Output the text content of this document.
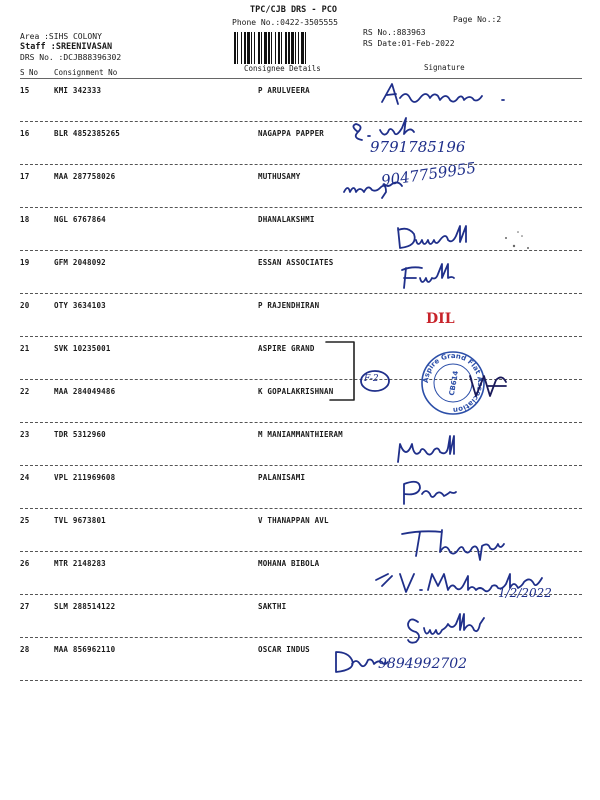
TPC/CJB DRS - PCO
Phone No.:0422-3505555	Page No.:2
Area :SIHS COLONY
Staff :SREENIVASAN
DRS No. :DCJB88396302
RS No.:883963
RS Date:01-Feb-2022
S No Consignment No	Consignee Details	Signature
15	KMI 342333	P ARULVEERA
16	BLR 4852385265	NAGAPPA PAPPER
17	MAA 287758026	MUTHUSAMY
18	NGL 6767864	DHANALAKSHMI
19	GFM 2048092	ESSAN ASSOCIATES
20	OTY 3634103	P RAJENDHIRAN
21	SVK 10235001	ASPIRE GRAND
22	MAA 284049486	K GOPALAKRISHNAN
23	TDR 5312960	M MANIAMMANTHIERAM
24	VPL 211969608	PALANISAMI
25	TVL 9673801	V THANAPPAN AVL
26	MTR 2148283	MOHANA BIBOLA
27	SLM 288514122	SAKTHI
28	MAA 856962110	OSCAR INDUS
F-2	Aspire Grand Flat Association
CB614
9791785196
9047759955
DIL
1/2/2022
9894992702
